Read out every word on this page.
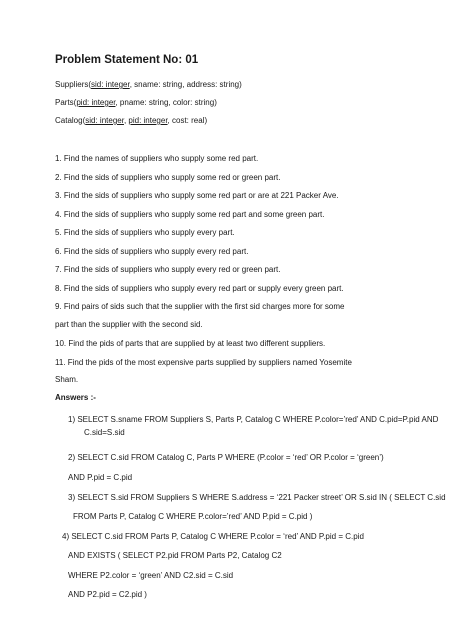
Problem Statement No: 01
Suppliers(sid: integer, sname: string, address: string)
Parts(pid: integer, pname: string, color: string)
Catalog(sid: integer, pid: integer, cost: real)
1. Find the names of suppliers who supply some red part.
2. Find the sids of suppliers who supply some red or green part.
3. Find the sids of suppliers who supply some red part or are at 221 Packer Ave.
4. Find the sids of suppliers who supply some red part and some green part.
5. Find the sids of suppliers who supply every part.
6. Find the sids of suppliers who supply every red part.
7. Find the sids of suppliers who supply every red or green part.
8. Find the sids of suppliers who supply every red part or supply every green part.
9. Find pairs of sids such that the supplier with the first sid charges more for some
part than the supplier with the second sid.
10. Find the pids of parts that are supplied by at least two different suppliers.
11. Find the pids of the most expensive parts supplied by suppliers named Yosemite
Sham.
Answers :-
1) SELECT S.sname FROM Suppliers S, Parts P, Catalog C WHERE P.color=’red’ AND C.pid=P.pid AND
C.sid=S.sid
2) SELECT C.sid FROM Catalog C, Parts P WHERE (P.color = ‘red’ OR P.color = ‘green’)
AND P.pid = C.pid
3) SELECT S.sid FROM Suppliers S WHERE S.address = ‘221 Packer street’ OR S.sid IN ( SELECT C.sid
FROM Parts P, Catalog C WHERE P.color=’red’ AND P.pid = C.pid )
4) SELECT C.sid FROM Parts P, Catalog C WHERE P.color = ‘red’ AND P.pid = C.pid
AND EXISTS ( SELECT P2.pid FROM Parts P2, Catalog C2
WHERE P2.color = ‘green’ AND C2.sid = C.sid
AND P2.pid = C2.pid )
